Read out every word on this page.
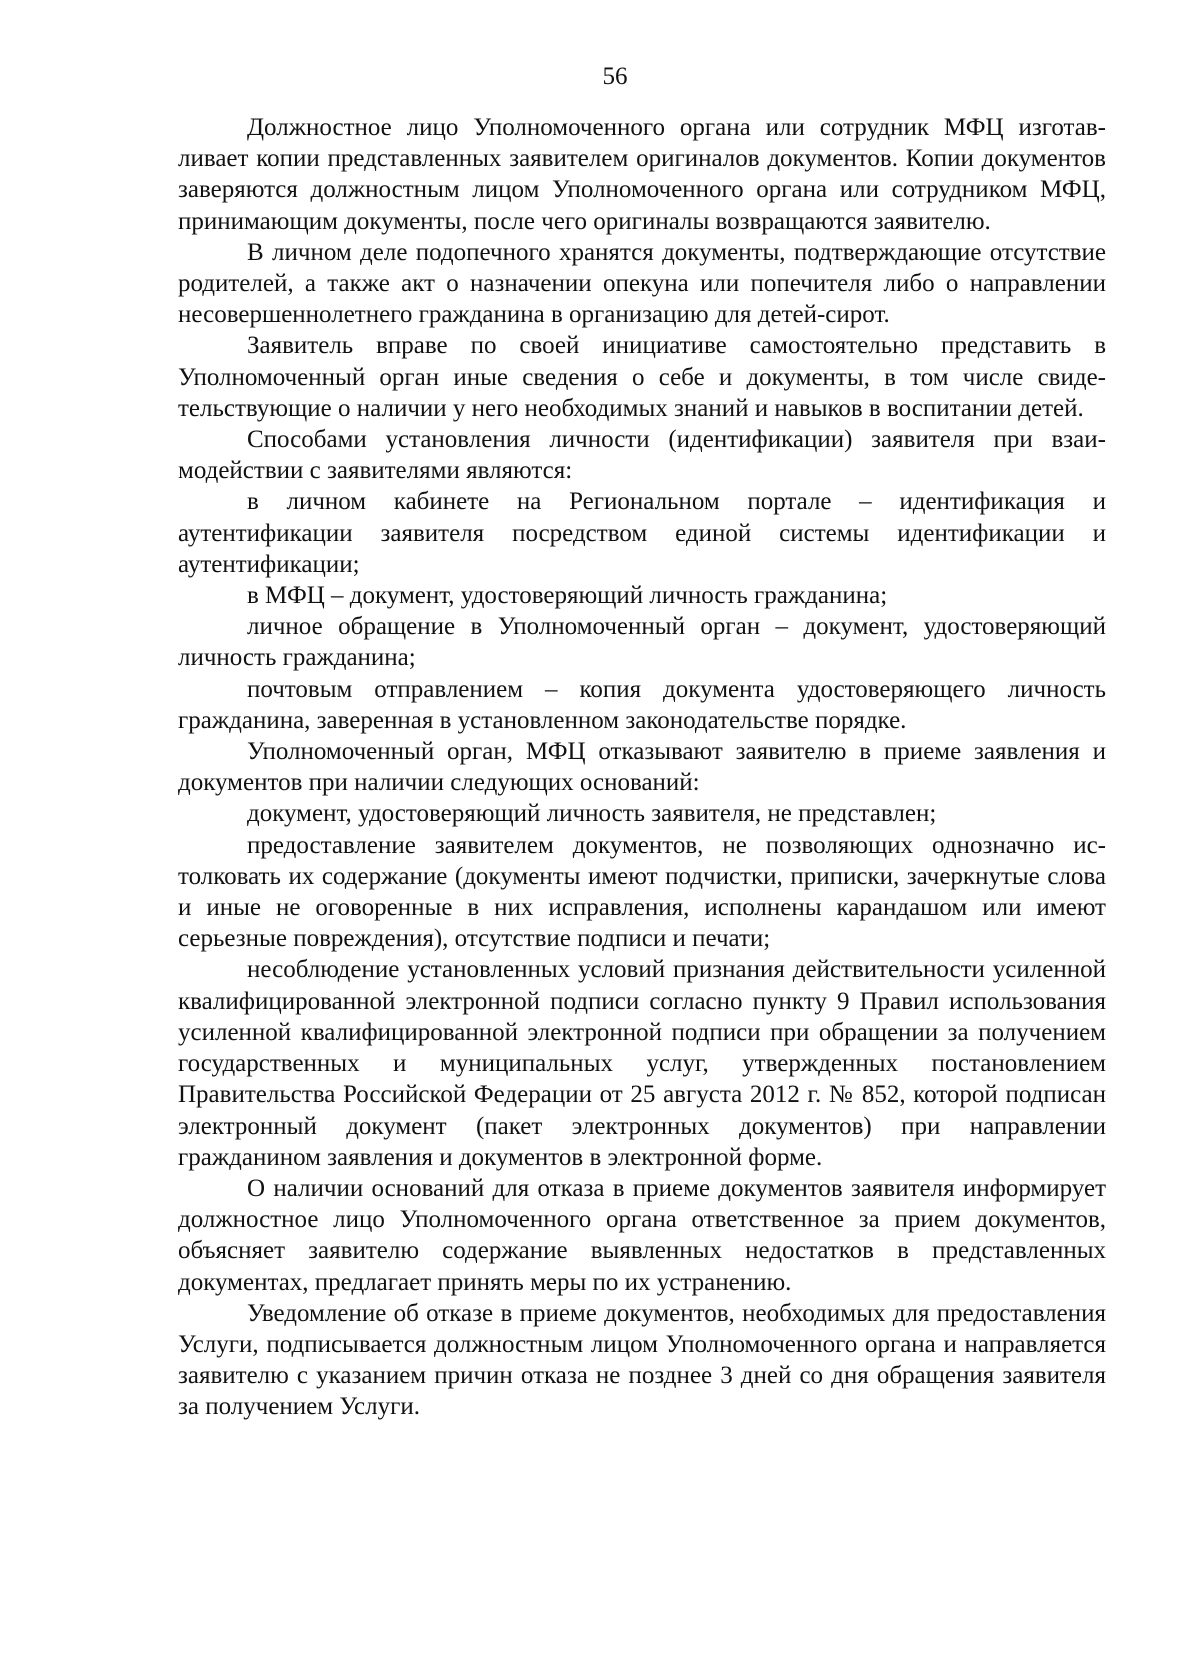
56

Должностное лицо Уполномоченного органа или сотрудник МФЦ изготавливает копии представленных заявителем оригиналов документов. Копии документов заверяются должностным лицом Уполномоченного органа или сотрудником МФЦ, принимающим документы, после чего оригиналы возвращаются заявителю.

В личном деле подопечного хранятся документы, подтверждающие отсутствие родителей, а также акт о назначении опекуна или попечителя либо о направлении несовершеннолетнего гражданина в организацию для детей-сирот.

Заявитель вправе по своей инициативе самостоятельно представить в Уполномоченный орган иные сведения о себе и документы, в том числе свидетельствующие о наличии у него необходимых знаний и навыков в воспитании детей.

Способами установления личности (идентификации) заявителя при взаимодействии с заявителями являются:

в личном кабинете на Региональном портале – идентификация и аутентификации заявителя посредством единой системы идентификации и аутентификации;

в МФЦ – документ, удостоверяющий личность гражданина;

личное обращение в Уполномоченный орган – документ, удостоверяющий личность гражданина;

почтовым отправлением – копия документа удостоверяющего личность гражданина, заверенная в установленном законодательстве порядке.

Уполномоченный орган, МФЦ отказывают заявителю в приеме заявления и документов при наличии следующих оснований:

документ, удостоверяющий личность заявителя, не представлен;

предоставление заявителем документов, не позволяющих однозначно истолковать их содержание (документы имеют подчистки, приписки, зачеркнутые слова и иные не оговоренные в них исправления, исполнены карандашом или имеют серьезные повреждения), отсутствие подписи и печати;

несоблюдение установленных условий признания действительности усиленной квалифицированной электронной подписи согласно пункту 9 Правил использования усиленной квалифицированной электронной подписи при обращении за получением государственных и муниципальных услуг, утвержденных постановлением Правительства Российской Федерации от 25 августа 2012 г. № 852, которой подписан электронный документ (пакет электронных документов) при направлении гражданином заявления и документов в электронной форме.

О наличии оснований для отказа в приеме документов заявителя информирует должностное лицо Уполномоченного органа ответственное за прием документов, объясняет заявителю содержание выявленных недостатков в представленных документах, предлагает принять меры по их устранению.

Уведомление об отказе в приеме документов, необходимых для предоставления Услуги, подписывается должностным лицом Уполномоченного органа и направляется заявителю с указанием причин отказа не позднее 3 дней со дня обращения заявителя за получением Услуги.
